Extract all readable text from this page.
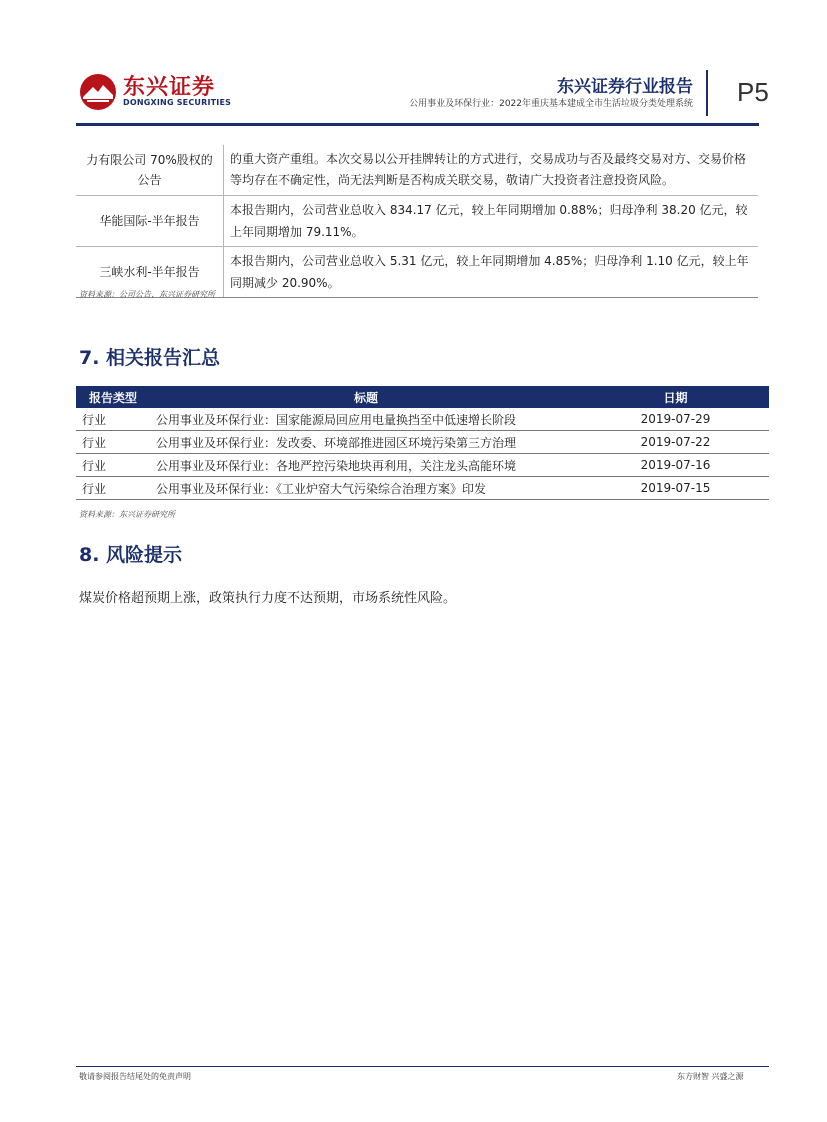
东兴证券
DONGXING SECURITIES
东兴证券行业报告
公用事业及环保行业：2022年重庆基本建成全市生活垃圾分类处理系统 P5
力有限公司 70%股权的公告	的重大资产重组。本次交易以公开挂牌转让的方式进行，交易成功与否及最终交易对方、交易价格等均存在不确定性，尚无法判断是否构成关联交易，敬请广大投资者注意投资风险。
华能国际-半年报告	本报告期内，公司营业总收入 834.17 亿元，较上年同期增加 0.88%；归母净利 38.20 亿元，较上年同期增加 79.11%。
三峡水利-半年报告	本报告期内，公司营业总收入 5.31 亿元，较上年同期增加 4.85%；归母净利 1.10 亿元，较上年同期减少 20.90%。
资料来源：公司公告、东兴证券研究所
7. 相关报告汇总
报告类型	标题	日期
行业	公用事业及环保行业：国家能源局回应用电量换挡至中低速增长阶段	2019-07-29
行业	公用事业及环保行业：发改委、环境部推进园区环境污染第三方治理	2019-07-22
行业	公用事业及环保行业：各地严控污染地块再利用，关注龙头高能环境	2019-07-16
行业	公用事业及环保行业：《工业炉窑大气污染综合治理方案》印发	2019-07-15
资料来源：东兴证券研究所
8. 风险提示
煤炭价格超预期上涨，政策执行力度不达预期，市场系统性风险。
敬请参阅报告结尾处的免责声明	东方财智 兴盛之源
